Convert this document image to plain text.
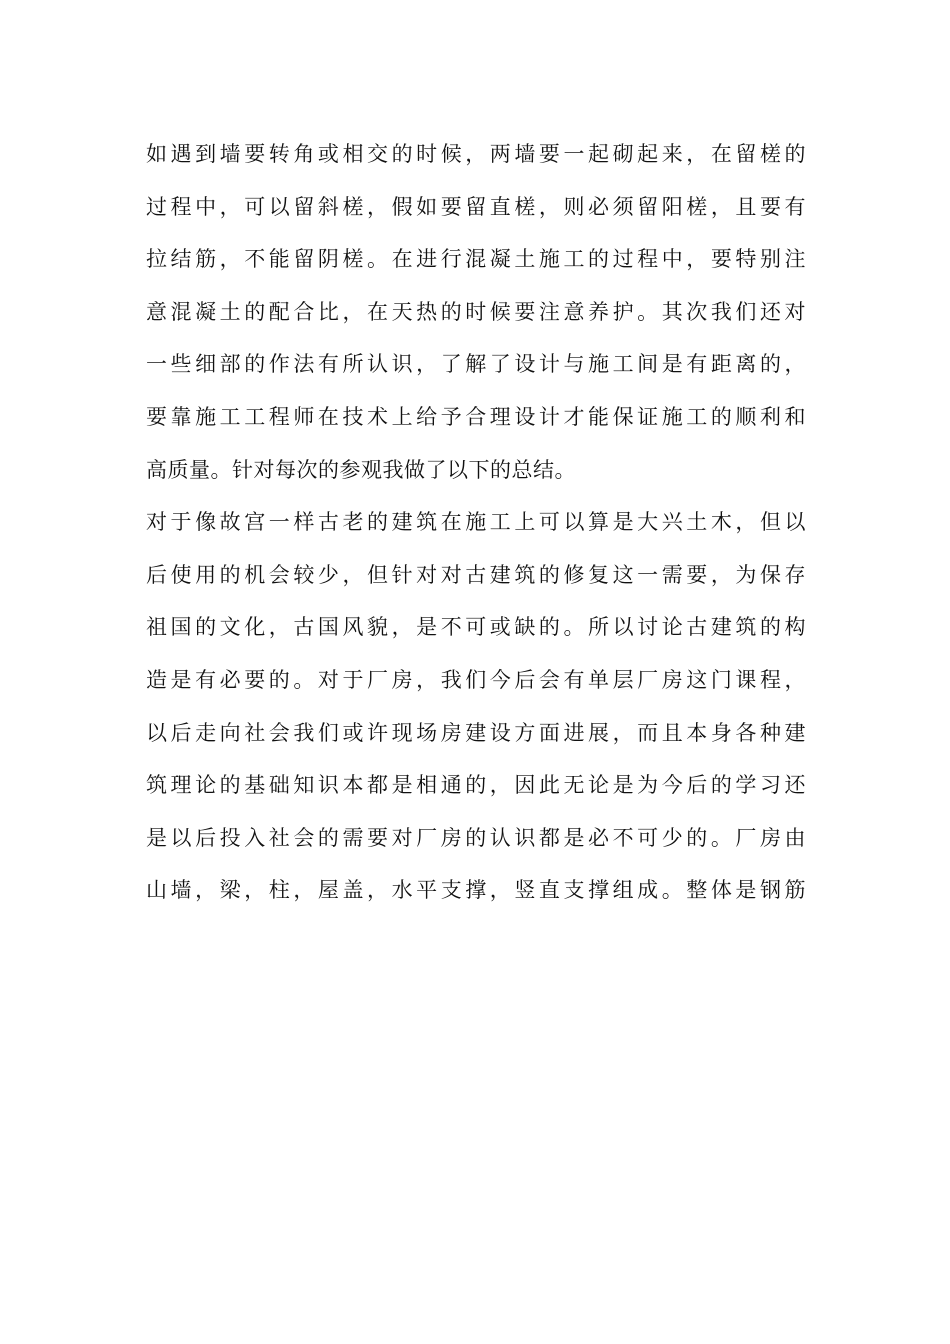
如遇到墙要转角或相交的时候，两墙要一起砌起来，在留槎的
过程中，可以留斜槎，假如要留直槎，则必须留阳槎，且要有
拉结筋，不能留阴槎。在进行混凝土施工的过程中，要特别注
意混凝土的配合比，在天热的时候要注意养护。其次我们还对
一些细部的作法有所认识，了解了设计与施工间是有距离的，
要靠施工工程师在技术上给予合理设计才能保证施工的顺利和
高质量。针对每次的参观我做了以下的总结。
对于像故宫一样古老的建筑在施工上可以算是大兴土木，但以
后使用的机会较少，但针对对古建筑的修复这一需要，为保存
祖国的文化，古国风貌，是不可或缺的。所以讨论古建筑的构
造是有必要的。对于厂房，我们今后会有单层厂房这门课程，
以后走向社会我们或许现场房建设方面进展，而且本身各种建
筑理论的基础知识本都是相通的，因此无论是为今后的学习还
是以后投入社会的需要对厂房的认识都是必不可少的。厂房由
山墙，梁，柱，屋盖，水平支撑，竖直支撑组成。整体是钢筋
